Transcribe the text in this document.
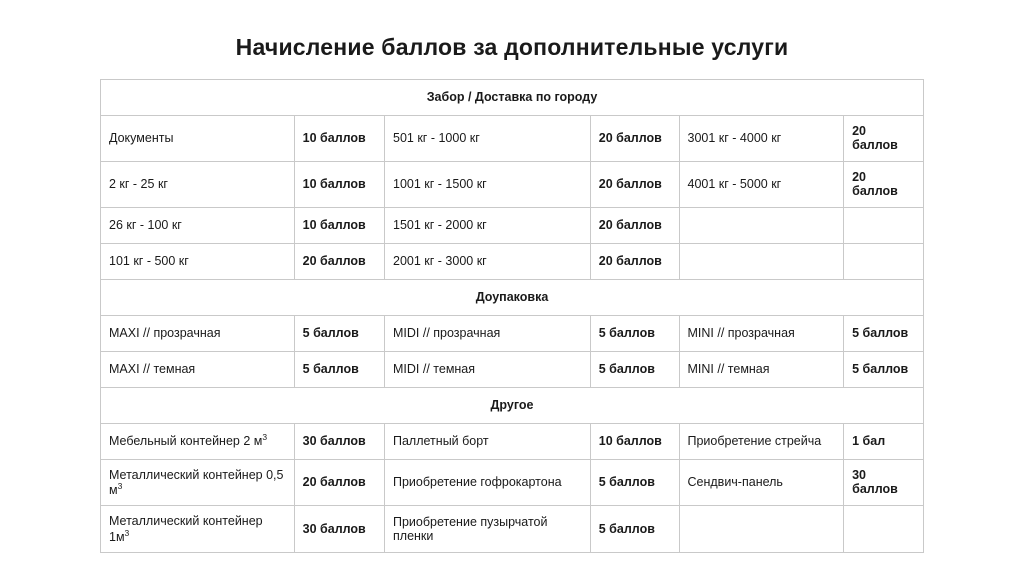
Начисление баллов за дополнительные услуги
Забор / Доставка по городу					
Документы	10 баллов	501 кг - 1000 кг	20 баллов	3001 кг - 4000 кг	20 баллов
2 кг - 25 кг	10 баллов	1001 кг - 1500 кг	20 баллов	4001 кг - 5000 кг	20 баллов
26 кг - 100 кг	10 баллов	1501 кг - 2000 кг	20 баллов		
101 кг - 500 кг	20 баллов	2001 кг - 3000 кг	20 баллов		
Доупаковка					
MAXI // прозрачная	5 баллов	MIDI // прозрачная	5 баллов	MINI // прозрачная	5 баллов
MAXI // темная	5 баллов	MIDI // темная	5 баллов	MINI // темная	5 баллов
Другое					
Мебельный контейнер 2 $м^3$	30 баллов	Паллетный борт	10 баллов	Приобретение стрейча	1 бал
Металлический контейнер 0,5 $м^3$	20 баллов	Приобретение гофрокартона	5 баллов	Сендвич-панель	30 баллов
Металлический контейнер $1м^3$	30 баллов	Приобретение пузырчатой пленки	5 баллов		
